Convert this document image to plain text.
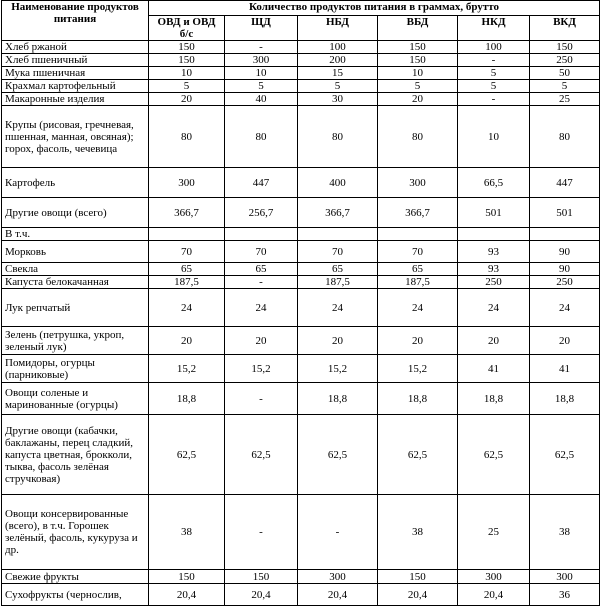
Наименование продуктов питания	Количество продуктов питания в граммах, брутто					
	ОВД и ОВД б/с	ЩД	НБД	ВБД	НКД	ВКД
Хлеб ржаной	150	-	100	150	100	150
Хлеб пшеничный	150	300	200	150	-	250
Мука пшеничная	10	10	15	10	5	50
Крахмал картофельный	5	5	5	5	5	5
Макаронные изделия	20	40	30	20	-	25
Крупы (рисовая, гречневая, пшенная, манная, овсяная); горох, фасоль, чечевица	80	80	80	80	10	80
Картофель	300	447	400	300	66,5	447
Другие овощи (всего)	366,7	256,7	366,7	366,7	501	501
В т.ч.						
Морковь	70	70	70	70	93	90
Свекла	65	65	65	65	93	90
Капуста белокачанная	187,5	-	187,5	187,5	250	250
Лук репчатый	24	24	24	24	24	24
Зелень (петрушка, укроп, зеленый лук)	20	20	20	20	20	20
Помидоры, огурцы (парниковые)	15,2	15,2	15,2	15,2	41	41
Овощи соленые и маринованные (огурцы)	18,8	-	18,8	18,8	18,8	18,8
Другие овощи (кабачки, баклажаны, перец сладкий, капуста цветная, брокколи, тыква, фасоль зелёная стручковая)	62,5	62,5	62,5	62,5	62,5	62,5
Овощи консервированные (всего), в т.ч. Горошек зелёный, фасоль, кукуруза и др.	38	-	-	38	25	38
Свежие фрукты	150	150	300	150	300	300
Сухофрукты (чернослив,	20,4	20,4	20,4	20,4	20,4	36
